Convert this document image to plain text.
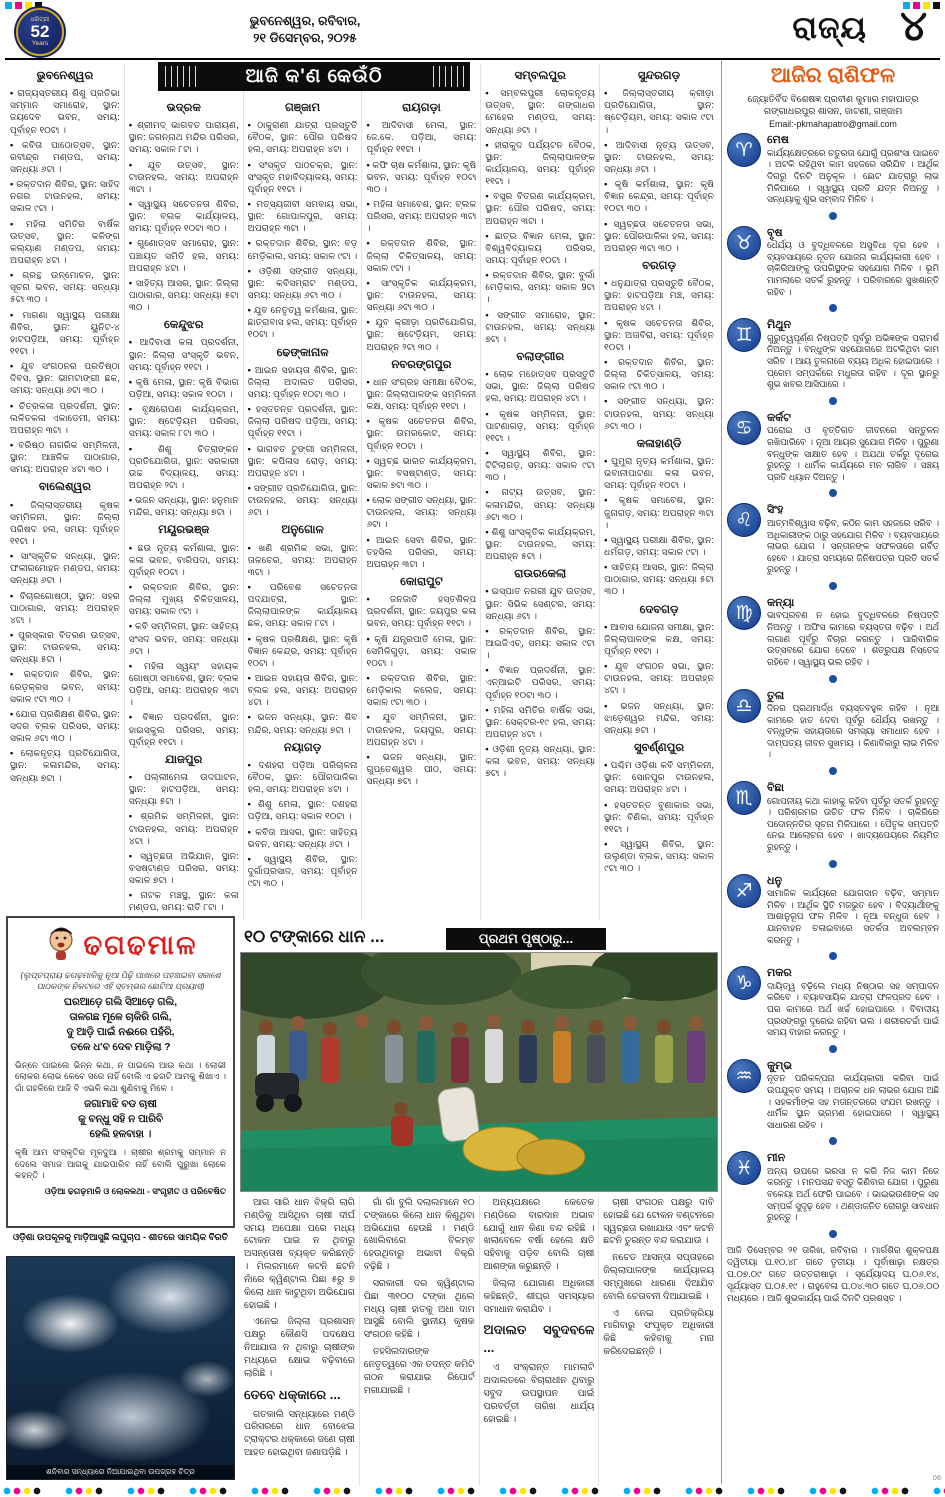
ଧରିତ୍ରୀ
52
Years
ଭୁବନେଶ୍ୱର, ରବିବାର,
୨୧ ଡିସେମ୍ବର, ୨୦୨୫	ରାଜ୍ୟ ୪
ଆଜି କ'ଣ କେଉଁଠି
ଭୁବନେଶ୍ୱର

• ରାଜ୍ୟସ୍ତରୀୟ ଶିଶୁ ପ୍ରତିଭା ସମ୍ମାନ ସମାରୋହ, ସ୍ଥାନ: ଜୟଦେବ ଭବନ, ସମୟ: ପୂର୍ବାହ୍ନ ୧୦ଟା ।

• କବିତା ପାଠୋତ୍ସବ, ସ୍ଥାନ: ରବୀନ୍ଦ୍ର ମଣ୍ଡପ, ସମୟ: ସନ୍ଧ୍ୟା ୬ଟା ।

• ରକ୍ତଦାନ ଶିବିର, ସ୍ଥାନ: ସାହିଦ ନଗର ଟାଉନହଲ, ସମୟ: ସକାଳ ୯ଟା ।

• ମହିଳା ସମିତିର ବାର୍ଷିକ ଉତ୍ସବ, ସ୍ଥାନ: କଳିଙ୍ଗ କଲ୍ୟାଣ ମଣ୍ଡପ, ସମୟ: ଅପରାହ୍ନ ୪ଟା ।

• ଗ୍ରନ୍ଥ ଉନ୍ମୋଚନ, ସ୍ଥାନ: ସୂଚନା ଭବନ, ସମୟ: ସନ୍ଧ୍ୟା ୫ଟା ୩୦ ।

• ମାଗଣା ସ୍ୱାସ୍ଥ୍ୟ ପରୀକ୍ଷା ଶିବିର, ସ୍ଥାନ: ୟୁନିଟ-୪ ହାଟପଡ଼ିଆ, ସମୟ: ପୂର୍ବାହ୍ନ ୧୧ଟା ।

• ଯୁବ ସଂଗଠନର ପ୍ରତିଷ୍ଠା ଦିବସ, ସ୍ଥାନ: ଭୀମଟାଙ୍ଗୀ ଛକ, ସମୟ: ସନ୍ଧ୍ୟା ୬ଟା ୩୦ ।

• ଚିତ୍ରକଳା ପ୍ରଦର୍ଶନୀ, ସ୍ଥାନ: ଲଳିତକଳା ଏକାଡେମୀ, ସମୟ: ଅପରାହ୍ନ ୩ଟା ।

• ବରିଷ୍ଠ ନାଗରିକ ସମ୍ମିଳନୀ, ସ୍ଥାନ: ଆଞ୍ଚଳିକ ପାଠାଗାର, ସମୟ: ଅପରାହ୍ନ ୪ଟା ୩୦ ।

ବାଲେଶ୍ୱର

• ଜିଲ୍ଲାସ୍ତରୀୟ କୃଷକ ସମ୍ମିଳନୀ, ସ୍ଥାନ: ଜିଲ୍ଲା ପରିଷଦ ହଲ, ସମୟ: ପୂର୍ବାହ୍ନ ୧୧ଟା ।

• ସାଂସ୍କୃତିକ ସନ୍ଧ୍ୟା, ସ୍ଥାନ: ଫକୀରମୋହନ ମଣ୍ଡପ, ସମୟ: ସନ୍ଧ୍ୟା ୬ଟା ।

• ବିଚାରଗୋଷ୍ଠୀ, ସ୍ଥାନ: ସହର ପାଠାଗାର, ସମୟ: ଅପରାହ୍ନ ୪ଟା ।

• ପୁରସ୍କାର ବିତରଣ ଉତ୍ସବ, ସ୍ଥାନ: ଟାଉନହଲ, ସମୟ: ସନ୍ଧ୍ୟା ୫ଟା ।

• ରକ୍ତଦାନ ଶିବିର, ସ୍ଥାନ: ରେଡ଼କ୍ରସ ଭବନ, ସମୟ: ସକାଳ ୯ଟା ୩୦ ।

• ଯୋଗ ପ୍ରଶିକ୍ଷଣ ଶିବିର, ସ୍ଥାନ: ସଦର ବ୍ଲକ ପରିସର, ସମୟ: ସକାଳ ୬ଟା ୩୦ ।

• ଲୋକନୃତ୍ୟ ପ୍ରତିଯୋଗିତା, ସ୍ଥାନ: କଳାମନ୍ଦିର, ସମୟ: ସନ୍ଧ୍ୟା ୭ଟା ।

ଭଦ୍ରକ

• ଶ୍ରୀମଦ୍ ଭାଗବତ ପାରାୟଣ, ସ୍ଥାନ: ଜଗନ୍ନାଥ ମନ୍ଦିର ପରିସର, ସମୟ: ସକାଳ ୮ଟା ।

• ଯୁବ ଉତ୍ସବ, ସ୍ଥାନ: ଟାଉନହଲ, ସମୟ: ଅପରାହ୍ନ ୩ଟା ।

• ସ୍ୱାସ୍ଥ୍ୟ ସଚେତନତା ଶିବିର, ସ୍ଥାନ: ବ୍ଲକ କାର୍ଯ୍ୟାଳୟ, ସମୟ: ପୂର୍ବାହ୍ନ ୧୦ଟା ୩୦ ।

• ଗୁଣୋତ୍ସବ ସମାରୋହ, ସ୍ଥାନ: ପଞ୍ଚାୟତ ସମିତି ହଲ, ସମୟ: ଅପରାହ୍ନ ୪ଟା ।

• ସାହିତ୍ୟ ଆସର, ସ୍ଥାନ: ଜିଲ୍ଲା ପାଠାଗାର, ସମୟ: ସନ୍ଧ୍ୟା ୫ଟା ୩୦ ।

କେନ୍ଦୁଝର

• ଆଦିବାସୀ କଳା ପ୍ରଦର୍ଶନୀ, ସ୍ଥାନ: ଜିଲ୍ଲା ସଂସ୍କୃତି ଭବନ, ସମୟ: ପୂର୍ବାହ୍ନ ୧୧ଟା ।

• କୃଷି ମେଳା, ସ୍ଥାନ: କୃଷି ବିଭାଗ ପଡ଼ିଆ, ସମୟ: ସକାଳ ୧୦ଟା ।

• ବୃକ୍ଷରୋପଣ କାର୍ଯ୍ୟକ୍ରମ, ସ୍ଥାନ: ଷ୍ଟେଡ଼ିୟମ ପରିସର, ସମୟ: ସକାଳ ୮ଟା ୩୦ ।

• ଶିଶୁ ଚିତ୍ରାଙ୍କନ ପ୍ରତିଯୋଗିତା, ସ୍ଥାନ: ସରକାରୀ ଉଚ୍ଚ ବିଦ୍ୟାଳୟ, ସମୟ: ଅପରାହ୍ନ ୨ଟା ।

• ଭଜନ ସନ୍ଧ୍ୟା, ସ୍ଥାନ: ହନୁମାନ ମନ୍ଦିର, ସମୟ: ସନ୍ଧ୍ୟା ୭ଟା ।

ମୟୂରଭଞ୍ଜ

• ଛଉ ନୃତ୍ୟ କର୍ମଶାଳା, ସ୍ଥାନ: କଳା ଭବନ, ବାରିପଦା, ସମୟ: ପୂର୍ବାହ୍ନ ୧୦ଟା ।

• ରକ୍ତଦାନ ଶିବିର, ସ୍ଥାନ: ଜିଲ୍ଲା ମୁଖ୍ୟ ଚିକିତ୍ସାଳୟ, ସମୟ: ସକାଳ ୯ଟା ।

• କବି ସମ୍ମିଳନୀ, ସ୍ଥାନ: ସାହିତ୍ୟ ସଂସଦ ଭବନ, ସମୟ: ସନ୍ଧ୍ୟା ୬ଟା ।

• ମହିଳା ସ୍ୱୟଂ ସହାୟକ ଗୋଷ୍ଠୀ ସମାବେଶ, ସ୍ଥାନ: ବ୍ଲକ ପଡ଼ିଆ, ସମୟ: ଅପରାହ୍ନ ୩ଟା ।

• ବିଜ୍ଞାନ ପ୍ରଦର୍ଶନୀ, ସ୍ଥାନ: ହାଇସ୍କୁଲ ପରିସର, ସମୟ: ପୂର୍ବାହ୍ନ ୧୧ଟା ।

ଯାଜପୁର

• ପଲ୍ଲୀମେଳା ଉଦଘାଟନ, ସ୍ଥାନ: ହାଟପଡ଼ିଆ, ସମୟ: ସନ୍ଧ୍ୟା ୫ଟା ।

• ଶ୍ରମିକ ସମ୍ମିଳନୀ, ସ୍ଥାନ: ଟାଉନହଲ, ସମୟ: ଅପରାହ୍ନ ୪ଟା ।

• ସ୍ୱଚ୍ଛତା ଅଭିଯାନ, ସ୍ଥାନ: ବସଷ୍ଟାଣ୍ଡ ପରିସର, ସମୟ: ସକାଳ ୭ଟା ।

• ନାଟକ ମଞ୍ଚସ୍ଥ, ସ୍ଥାନ: କଳା ମଣ୍ଡପ, ସମୟ: ରାତି ୮ଟା ।

ଗଞ୍ଜାମ

• ଠାକୁରାଣୀ ଯାତ୍ରା ପ୍ରସ୍ତୁତି ବୈଠକ, ସ୍ଥାନ: ପୌର ପରିଷଦ ହଲ, ସମୟ: ଅପରାହ୍ନ ୪ଟା ।

• ସଂସ୍କୃତ ପାଠଚକ୍ର, ସ୍ଥାନ: ସଂସ୍କୃତ ମହାବିଦ୍ୟାଳୟ, ସମୟ: ପୂର୍ବାହ୍ନ ୧୧ଟା ।

• ମତ୍ସ୍ୟଜୀବୀ ସମବାୟ ସଭା, ସ୍ଥାନ: ଗୋପାଳପୁର, ସମୟ: ଅପରାହ୍ନ ୩ଟା ।

• ରକ୍ତଦାନ ଶିବିର, ସ୍ଥାନ: ବଡ଼ ମେଡ଼ିକାଲ, ସମୟ: ସକାଳ ୯ଟା ।

• ଓଡ଼ିଶୀ ସଙ୍ଗୀତ ସନ୍ଧ୍ୟା, ସ୍ଥାନ: କବିସମ୍ରାଟ ମଣ୍ଡପ, ସମୟ: ସନ୍ଧ୍ୟା ୬ଟା ୩୦ ।

• ଯୁବ ନେତୃତ୍ୱ କର୍ମଶାଳା, ସ୍ଥାନ: ଛାତ୍ରାବାସ ହଲ, ସମୟ: ପୂର୍ବାହ୍ନ ୧୦ଟା ।

ଢେଙ୍କାନାଳ

• ଆଇନ ସହାୟତା ଶିବିର, ସ୍ଥାନ: ଜିଲ୍ଲା ଅଦାଲତ ପରିସର, ସମୟ: ପୂର୍ବାହ୍ନ ୧୦ଟା ୩୦ ।

• ହସ୍ତତନ୍ତ ପ୍ରଦର୍ଶନୀ, ସ୍ଥାନ: ଜିଲ୍ଲା ପରିଷଦ ପଡ଼ିଆ, ସମୟ: ପୂର୍ବାହ୍ନ ୧୧ଟା ।

• ଭାଗବତ ଟୁଙ୍ଗୀ ସମ୍ମିଳନୀ, ସ୍ଥାନ: କପିଳାସ ରୋଡ଼, ସମୟ: ଅପରାହ୍ନ ୪ଟା ।

• ସଙ୍ଗୀତ ପ୍ରତିଯୋଗିତା, ସ୍ଥାନ: ଟାଉନହଲ, ସମୟ: ସନ୍ଧ୍ୟା ୬ଟା ।

ଅନୁଗୋଳ

• ଖଣି ଶ୍ରମିକ ସଭା, ସ୍ଥାନ: ତାଳଚେର, ସମୟ: ଅପରାହ୍ନ ୩ଟା ।

• ପରିବେଶ ସଚେତନତା ପଦଯାତ୍ରା, ସ୍ଥାନ: ଜିଲ୍ଲାପାଳଙ୍କ କାର୍ଯ୍ୟାଳୟ ଛକ, ସମୟ: ସକାଳ ୮ଟା ।

• କୃଷକ ପ୍ରଶିକ୍ଷଣ, ସ୍ଥାନ: କୃଷି ବିଜ୍ଞାନ କେନ୍ଦ୍ର, ସମୟ: ପୂର୍ବାହ୍ନ ୧୦ଟା ।

• ଆଇନ ସହାୟତା ଶିବିର, ସ୍ଥାନ: ବ୍ଲକ ହଲ, ସମୟ: ଅପରାହ୍ନ ୪ଟା ।

• ଭଜନ ସନ୍ଧ୍ୟା, ସ୍ଥାନ: ଶିବ ମନ୍ଦିର, ସମୟ: ସନ୍ଧ୍ୟା ୭ଟା ।

ନୟାଗଡ଼

• ଦଶହରା ପଡ଼ିଆ ପରିଚାଳନା ବୈଠକ, ସ୍ଥାନ: ପୌରପାଳିକା ହଲ, ସମୟ: ଅପରାହ୍ନ ୪ଟା ।

• ଶିଶୁ ମେଳା, ସ୍ଥାନ: ଦଶହରା ପଡ଼ିଆ, ସମୟ: ସକାଳ ୧୦ଟା ।

• କବିତା ଆସର, ସ୍ଥାନ: ସାହିତ୍ୟ ଭବନ, ସମୟ: ସନ୍ଧ୍ୟା ୬ଟା ।

• ସ୍ୱାସ୍ଥ୍ୟ ଶିବିର, ସ୍ଥାନ: ଦୁର୍ଗାପ୍ରସାଦ, ସମୟ: ପୂର୍ବାହ୍ନ ୯ଟା ୩୦ ।

ରାୟଗଡ଼ା

• ଆଦିବାସୀ ମେଳା, ସ୍ଥାନ: ଜେ.କେ. ପଡ଼ିଆ, ସମୟ: ପୂର୍ବାହ୍ନ ୧୧ଟା ।

• କଫି ଚାଷ କର୍ମଶାଳା, ସ୍ଥାନ: କୃଷି ଭବନ, ସମୟ: ପୂର୍ବାହ୍ନ ୧୦ଟା ୩୦ ।

• ମହିଳା ସମାବେଶ, ସ୍ଥାନ: ବ୍ଲକ ପରିସର, ସମୟ: ଅପରାହ୍ନ ୩ଟା ।

• ରକ୍ତଦାନ ଶିବିର, ସ୍ଥାନ: ଜିଲ୍ଲା ଚିକିତ୍ସାଳୟ, ସମୟ: ସକାଳ ୯ଟା ।

• ସାଂସ୍କୃତିକ କାର୍ଯ୍ୟକ୍ରମ, ସ୍ଥାନ: ଟାଉନହଲ, ସମୟ: ସନ୍ଧ୍ୟା ୬ଟା ୩୦ ।

• ଯୁବ କ୍ରୀଡ଼ା ପ୍ରତିଯୋଗିତା, ସ୍ଥାନ: ଷ୍ଟେଡ଼ିୟମ, ସମୟ: ଅପରାହ୍ନ ୨ଟା ୩୦ ।

ନବରଙ୍ଗପୁର

• ଧାନ ସଂଗ୍ରହ ସମୀକ୍ଷା ବୈଠକ, ସ୍ଥାନ: ଜିଲ୍ଲାପାଳଙ୍କ ସମ୍ମିଳନୀ କକ୍ଷ, ସମୟ: ପୂର୍ବାହ୍ନ ୧୧ଟା ।

• କୃଷକ ସଚେତନତା ଶିବିର, ସ୍ଥାନ: ଉମରକୋଟ, ସମୟ: ପୂର୍ବାହ୍ନ ୧୦ଟା ।

• ସ୍ୱଚ୍ଛ ଭାରତ କାର୍ଯ୍ୟକ୍ରମ, ସ୍ଥାନ: ବସଷ୍ଟାଣ୍ଡ, ସମୟ: ସକାଳ ୭ଟା ୩୦ ।

• ଲୋକ ସଙ୍ଗୀତ ସନ୍ଧ୍ୟା, ସ୍ଥାନ: ଟାଉନହଲ, ସମୟ: ସନ୍ଧ୍ୟା ୬ଟା ।

• ଆଇନ ସେବା ଶିବିର, ସ୍ଥାନ: ତହସିଲ ପରିସର, ସମୟ: ଅପରାହ୍ନ ୩ଟା ।

କୋରାପୁଟ

• ଜନଜାତି ହସ୍ତଶିଳ୍ପ ପ୍ରଦର୍ଶନୀ, ସ୍ଥାନ: ଜୟପୁର କଳା ଭବନ, ସମୟ: ପୂର୍ବାହ୍ନ ୧୧ଟା ।

• କୃଷି ଯନ୍ତ୍ରପାତି ମେଳା, ସ୍ଥାନ: ସେମିଳିଗୁଡ଼ା, ସମୟ: ସକାଳ ୧୦ଟା ।

• ରକ୍ତଦାନ ଶିବିର, ସ୍ଥାନ: ମେଡ଼ିକାଲ କଲେଜ, ସମୟ: ସକାଳ ୯ଟା ୩୦ ।

• ଯୁବ ସମ୍ମିଳନୀ, ସ୍ଥାନ: ଟାଉନହଲ, ଜୟପୁର, ସମୟ: ଅପରାହ୍ନ ୪ଟା ।

• ଭଜନ ସନ୍ଧ୍ୟା, ସ୍ଥାନ: ଗୁପ୍ତେଶ୍ୱର ପୀଠ, ସମୟ: ସନ୍ଧ୍ୟା ୭ଟା ।

ସମ୍ବଲପୁର

• ସମ୍ବଲପୁରୀ ଲୋକନୃତ୍ୟ ଉତ୍ସବ, ସ୍ଥାନ: ଗଙ୍ଗାଧର ମେହେର ମଣ୍ଡପ, ସମୟ: ସନ୍ଧ୍ୟା ୬ଟା ।

• ହୀରାକୁଦ ପର୍ଯ୍ୟଟନ ବୈଠକ, ସ୍ଥାନ: ଜିଲ୍ଲାପାଳଙ୍କ କାର୍ଯ୍ୟାଳୟ, ସମୟ: ପୂର୍ବାହ୍ନ ୧୧ଟା ।

• ବସ୍ତ୍ର ବିତରଣ କାର୍ଯ୍ୟକ୍ରମ, ସ୍ଥାନ: ପୌର ପରିଷଦ, ସମୟ: ଅପରାହ୍ନ ୩ଟା ।

• ଛାତ୍ର ବିଜ୍ଞାନ ମେଳା, ସ୍ଥାନ: ବିଶ୍ୱବିଦ୍ୟାଳୟ ପରିସର, ସମୟ: ପୂର୍ବାହ୍ନ ୧୦ଟା ।

• ରକ୍ତଦାନ ଶିବିର, ସ୍ଥାନ: ବୁର୍ଲା ମେଡ଼ିକାଲ, ସମୟ: ସକାଳ 9ଟା ।

• ସଙ୍ଗୀତ ସମାରୋହ, ସ୍ଥାନ: ଟାଉନହଲ, ସମୟ: ସନ୍ଧ୍ୟା ୭ଟା ।

ବଲାଙ୍ଗୀର

• ଲୋକ ମହୋତ୍ସବ ପ୍ରସ୍ତୁତି ସଭା, ସ୍ଥାନ: ଜିଲ୍ଲା ପରିଷଦ ହଲ, ସମୟ: ଅପରାହ୍ନ ୪ଟା ।

• କୃଷକ ସମ୍ମିଳନୀ, ସ୍ଥାନ: ପାଟଣାଗଡ଼, ସମୟ: ପୂର୍ବାହ୍ନ ୧୧ଟା ।

• ସ୍ୱାସ୍ଥ୍ୟ ଶିବିର, ସ୍ଥାନ: ଟିଟିଲାଗଡ଼, ସମୟ: ସକାଳ ୯ଟା ୩୦ ।

• ନାଟ୍ୟ ଉତ୍ସବ, ସ୍ଥାନ: କଳାମନ୍ଦିର, ସମୟ: ସନ୍ଧ୍ୟା ୬ଟା ୩୦ ।

• ଶିଶୁ ସାଂସ୍କୃତିକ କାର୍ଯ୍ୟକ୍ରମ, ସ୍ଥାନ: ଟାଉନହଲ, ସମୟ: ଅପରାହ୍ନ ୫ଟା ।

ରାଉରକେଲା

• ଇସ୍ପାତ ନଗରୀ ଯୁବ ଉତ୍ସବ, ସ୍ଥାନ: ସିଭିକ ସେଣ୍ଟର, ସମୟ: ସନ୍ଧ୍ୟା ୬ଟା ।

• ରକ୍ତଦାନ ଶିବିର, ସ୍ଥାନ: ଆଇଜିଏଚ୍, ସମୟ: ସକାଳ ୯ଟା ।

• ବିଜ୍ଞାନ ପ୍ରଦର୍ଶନୀ, ସ୍ଥାନ: ଏନ୍ଆଇଟି ପରିସର, ସମୟ: ପୂର୍ବାହ୍ନ ୧୦ଟା ୩୦ ।

• ମହିଳା ସମିତିର ବାର୍ଷିକ ସଭା, ସ୍ଥାନ: ସେକ୍ଟର-୧୯ ହଲ, ସମୟ: ଅପରାହ୍ନ ୪ଟା ।

• ଓଡ଼ିଶୀ ନୃତ୍ୟ ସନ୍ଧ୍ୟା, ସ୍ଥାନ: କଳା ଭବନ, ସମୟ: ସନ୍ଧ୍ୟା ୭ଟା ।

ସୁନ୍ଦରଗଡ଼

• ଜିଲ୍ଲାସ୍ତରୀୟ କ୍ରୀଡ଼ା ପ୍ରତିଯୋଗିତା, ସ୍ଥାନ: ଷ୍ଟେଡ଼ିୟମ, ସମୟ: ସକାଳ ୯ଟା ।

• ଆଦିବାସୀ ନୃତ୍ୟ ଉତ୍ସବ, ସ୍ଥାନ: ଟାଉନହଲ, ସମୟ: ସନ୍ଧ୍ୟା ୬ଟା ।

• କୃଷି କର୍ମଶାଳା, ସ୍ଥାନ: କୃଷି ବିଜ୍ଞାନ କେନ୍ଦ୍ର, ସମୟ: ପୂର୍ବାହ୍ନ ୧୦ଟା ୩୦ ।

• ସ୍ୱଚ୍ଛତା ସଚେତନତା ସଭା, ସ୍ଥାନ: ପୌରପାଳିକା ହଲ, ସମୟ: ଅପରାହ୍ନ ୩ଟା ୩୦ ।

ବରଗଡ଼

• ଧନୁଯାତ୍ରା ପ୍ରସ୍ତୁତି ବୈଠକ, ସ୍ଥାନ: ହାଟପଡ଼ିଆ ମଞ୍ଚ, ସମୟ: ଅପରାହ୍ନ ୪ଟା ।

• କୃଷକ ସଚେତନତା ଶିବିର, ସ୍ଥାନ: ଅତାବିରା, ସମୟ: ପୂର୍ବାହ୍ନ ୧୦ଟା ।

• ରକ୍ତଦାନ ଶିବିର, ସ୍ଥାନ: ଜିଲ୍ଲା ଚିକିତ୍ସାଳୟ, ସମୟ: ସକାଳ ୯ଟା ୩୦ ।

• ସଙ୍ଗୀତ ସନ୍ଧ୍ୟା, ସ୍ଥାନ: ଟାଉନହଲ, ସମୟ: ସନ୍ଧ୍ୟା ୬ଟା ୩୦ ।

କଳାହାଣ୍ଡି

• ଘୁମୁରା ନୃତ୍ୟ କର୍ମଶାଳା, ସ୍ଥାନ: ଭବାନୀପାଟଣା କଳା ଭବନ, ସମୟ: ପୂର୍ବାହ୍ନ ୧୦ଟା ।

• କୃଷକ ସମାବେଶ, ସ୍ଥାନ: ଜୁନାଗଡ଼, ସମୟ: ଅପରାହ୍ନ ୩ଟା ।

• ସ୍ୱାସ୍ଥ୍ୟ ପରୀକ୍ଷା ଶିବିର, ସ୍ଥାନ: ଧର୍ମଗଡ଼, ସମୟ: ସକାଳ ୯ଟା ।

• ସାହିତ୍ୟ ଆସର, ସ୍ଥାନ: ଜିଲ୍ଲା ପାଠାଗାର, ସମୟ: ସନ୍ଧ୍ୟା ୫ଟା ୩୦ ।

ଦେବଗଡ଼

• ଆବାସ ଯୋଜନା ସମୀକ୍ଷା, ସ୍ଥାନ: ଜିଲ୍ଲାପାଳଙ୍କ କକ୍ଷ, ସମୟ: ପୂର୍ବାହ୍ନ ୧୧ଟା ।

• ଯୁବ ସଂଗଠନ ସଭା, ସ୍ଥାନ: ଟାଉନହଲ, ସମୟ: ଅପରାହ୍ନ ୪ଟା ।

• ଭଜନ ସନ୍ଧ୍ୟା, ସ୍ଥାନ: ଝାଡ଼େଶ୍ୱର ମନ୍ଦିର, ସମୟ: ସନ୍ଧ୍ୟା ୭ଟା ।

ସୁବର୍ଣ୍ଣପୁର

• ପଶ୍ଚିମ ଓଡ଼ିଶା କବି ସମ୍ମିଳନୀ, ସ୍ଥାନ: ସୋନପୁର ଟାଉନହଲ, ସମୟ: ଅପରାହ୍ନ ୪ଟା ।

• ହସ୍ତତନ୍ତ ବୁଣାକାର ସଭା, ସ୍ଥାନ: ବିଣିକା, ସମୟ: ପୂର୍ବାହ୍ନ ୧୧ଟା ।

• ସ୍ୱାସ୍ଥ୍ୟ ଶିବିର, ସ୍ଥାନ: ଉଲୁଣ୍ଡା ବ୍ଲକ, ସମୟ: ସକାଳ ୯ଟା ୩୦ ।

ଢଗଢମାଳ

(ଲୁପ୍ତପ୍ରାୟ ଢଗଢ଼ମାଳିକୁ ନୂଆ ପିଢ଼ି ପାଖରେ ପହଞ୍ଚାଇବା ସକାଶେ ପାଠକଙ୍କ ନିକଟରେ ଏହି ସ୍ତମ୍ଭର ଛୋଟିଆ ପ୍ରୟାସ)

ଘରଆଡ଼େ ଗଲି ସିଆଡ଼େ ଗଲି,

ତାଳଗଛ ମୂଳେ ଚାକିରି ଗଲି,

ଦୁ ଆଡ଼ି ପାଇଁ ନଈରେ ପହଁରି,

ତଳେ ଧ'ବ ଦେବ ମାଡ଼ିଲା ?

ଭିନ୍ନେ ପାଇଲେ ଭିନ୍ନ କଥା, ନ ପାଇଲେ ଆଉ କଥା । ଲୋଭୀ ଲୋକର ଲୋଭ କେବେ ସରେ ନାହିଁ ବୋଲି ଏ ଢଗଟି ଆମକୁ ଶିଖାଏ । ଗାଁ ଗହଳିରେ ଆଜି ବି ଏଭଳି କଥା ଶୁଣିବାକୁ ମିଳେ ।

ଜଗାମାଝି ବଡ ଚାଷୀ

କୁ ବନ୍ଧୁ ସହି ନ ପାରିବି

ହେଲି ହଳବାହା ।

କୃଷି ଆମ ସଂସ୍କୃତିର ମୂଳଦୁଆ । ଚାଷୀର ଶ୍ରମକୁ ସମ୍ମାନ ନ ଦେଲେ ସମାଜ ଆଗକୁ ଯାଇପାରିବ ନାହିଁ ବୋଲି ପୁରୁଖା ଲୋକେ କହନ୍ତି ।

ଓଡ଼ିଆ ଢଗଢ଼ମାଳି ଓ ଲୋକକଥା - ସଂଗୃହୀତ ଓ ପରିବେଷିତ

ଓଡ଼ିଶା ଉପକୂଳକୁ ମାଡ଼ିଆସୁଛି ଲଘୁଚାପ - ଶୀତରେ ସାମୟିକ ବିରତି
ଶନିବାର ସନ୍ଧ୍ୟାରେ ନିଆଯାଇଥିବା ଉପଗ୍ରହ ଚିତ୍ର
୧୦ ଟଙ୍କାରେ ଧାନ ...	ପ୍ରଥମ ପୃଷ୍ଠାରୁ...

ଆଗ ସାରି ଧାନ ବିକ୍ରି ଲାଗି ମଣ୍ଡିକୁ ଆସିଥିବା ଚାଷୀ ଦୀର୍ଘ ସମୟ ଅପେକ୍ଷା ପରେ ମଧ୍ୟ ଟୋକନ ପାଇ ନ ଥିବାରୁ ଅସନ୍ତୋଷ ବ୍ୟକ୍ତ କରିଛନ୍ତି । ମିଲରମାନେ କଟନି ଛଟନି ନାଁରେ କ୍ୱିଣ୍ଟାଲ ପିଛା ୫ରୁ ୭ କିଲୋ ଧାନ କାଟୁଥିବା ଅଭିଯୋଗ ହୋଇଛି ।

ଏନେଇ ଜିଲ୍ଲା ପ୍ରଶାସନ ପକ୍ଷରୁ କୌଣସି ପଦକ୍ଷେପ ନିଆଯାଉ ନ ଥିବାରୁ ଚାଷୀଙ୍କ ମଧ୍ୟରେ କ୍ଷୋଭ ବଢ଼ିବାରେ ଲାଗିଛି ।

ତେବେ ଧକ୍କାରେ ...

ଗତକାଲି ସନ୍ଧ୍ୟାରେ ମଣ୍ଡି ପରିସରରେ ଧାନ ବୋଝେଇ ଟ୍ରାକ୍ଟର ଧକ୍କାରେ ଜଣେ ଚାଷୀ ଆହତ ହୋଇଥିବା ଜଣାପଡ଼ିଛି ।

ଗାଁ ଗାଁ ବୁଲି ଦଲାଲମାନେ ୧୦ ଟଙ୍କାରେ କିଲୋ ଧାନ କିଣୁଥିବା ଅଭିଯୋଗ ହେଉଛି । ମଣ୍ଡି ଖୋଲିବାରେ ବିଳମ୍ବ ହେଉଥିବାରୁ ଅଭାବୀ ବିକ୍ରି ବଢ଼ିଛି ।

ସରକାରୀ ଦର କ୍ୱିଣ୍ଟାଲ ପିଛା ୩୧୦୦ ଟଙ୍କା ଥିଲେ ମଧ୍ୟ ଚାଷୀ ହାତକୁ ଅଧା ଦାମ ଆସୁଛି ବୋଲି ସ୍ଥାନୀୟ କୃଷକ ସଂଗଠନ କହିଛି ।

ତହସିଲଦାରଙ୍କ ନେତୃତ୍ୱରେ ଏକ ତଦନ୍ତ କମିଟି ଗଠନ କରାଯାଇ ରିପୋର୍ଟ ମଗାଯାଇଛି ।

ଅନ୍ୟପକ୍ଷରେ କେତେକ ମଣ୍ଡିରେ ବାରଦାନ ଅଭାବ ଯୋଗୁଁ ଧାନ କିଣା ବନ୍ଦ ରହିଛି । ଖଲାବେଳେ ବର୍ଷା ହେଲେ କ୍ଷତି ସହିବାକୁ ପଡ଼ିବ ବୋଲି ଚାଷୀ ଆଶଙ୍କା କରୁଛନ୍ତି ।

ଜିଲ୍ଲା ଯୋଗାଣ ଅଧିକାରୀ କହିଛନ୍ତି, ଶୀଘ୍ର ସମସ୍ୟାର ସମାଧାନ କରାଯିବ ।

ଅଦାଲତ ସବୁଦବଳେ ...

ଏ ସଂକ୍ରାନ୍ତ ମାମଲାଟି ଅଦାଲତରେ ବିଚାରାଧୀନ ଥିବାରୁ ସବୁଦ ଉପସ୍ଥାପନ ପାଇଁ ପରବର୍ତ୍ତୀ ତାରିଖ ଧାର୍ଯ୍ୟ ହୋଇଛି ।

ଚାଷୀ ସଂଗଠନ ପକ୍ଷରୁ ଦାବି ହୋଇଛି ଯେ ଟୋକନ ବଣ୍ଟନରେ ସ୍ୱଚ୍ଛତା ରଖାଯାଉ ଏବଂ କଟନି ଛଟନି ତୁରନ୍ତ ବନ୍ଦ କରାଯାଉ ।

ନଚେତ ଆସନ୍ତା ସପ୍ତାହରେ ଜିଲ୍ଲାପାଳଙ୍କ କାର୍ଯ୍ୟାଳୟ ସମ୍ମୁଖରେ ଧାରଣା ଦିଆଯିବ ବୋଲି ଚେତାବନୀ ଦିଆଯାଇଛି ।

ଏ ନେଇ ପ୍ରତିକ୍ରିୟା ମାଗିବାରୁ ସଂପୃକ୍ତ ଅଧିକାରୀ କିଛି କହିବାକୁ ମନା କରିଦେଇଛନ୍ତି ।

ଆଜିର ରାଶିଫଳ
ଜ୍ୟୋତିର୍ବିଦ ବିଶେଷଜ୍ଞ ପ୍ରବୀଣ କୁମାର ମହାପାତ୍ର
ଗଙ୍ଗାଧରପୁର ଶାସନ, ଜାଟଣୀ, ଗଞ୍ଜାମ
Email:-pkmahapatro@gmail.com
♈	ମେଷ
କାର୍ଯ୍ୟକ୍ଷେତ୍ରରେ ଚତୁରତା ଯୋଗୁଁ ପ୍ରଶଂସା ପାଇବେ । ଅଟକି ରହିଥିବା କାମ ସହଜରେ ସରିଯିବ । ଆର୍ଥିକ ଦିଗରୁ ଦିନଟି ଅନୁକୂଳ । ଛୋଟ ଯାତ୍ରାରୁ ଲାଭ ମିଳିପାରେ । ସ୍ୱାସ୍ଥ୍ୟ ପ୍ରତି ଯତ୍ନ ନିଅନ୍ତୁ । ସନ୍ଧ୍ୟାକୁ ଶୁଭ ସମ୍ବାଦ ମିଳିବ ।
♉	ବୃଷ
ଧୈର୍ଯ୍ୟ ଓ ବୁଦ୍ଧିବଳରେ ଅସୁବିଧା ଦୂର ହେବ । ବ୍ୟବସାୟରେ ନୂତନ ଯୋଜନା କାର୍ଯ୍ୟକାରୀ ହେବ । ଚାକିରିଆଙ୍କୁ ଉପରିସ୍ଥଙ୍କ ସହଯୋଗ ମିଳିବ । ଭୂମି ମାମଲାରେ ସତର୍କ ରୁହନ୍ତୁ । ପରିବାରରେ ସୁଖଶାନ୍ତି ରହିବ ।
♊	ମିଥୁନ
ଗୁରୁତ୍ୱପୂର୍ଣ୍ଣ ନିଷ୍ପତ୍ତି ପୂର୍ବରୁ ଅଭିଜ୍ଞଙ୍କ ପରାମର୍ଶ ନିଅନ୍ତୁ । ବନ୍ଧୁଙ୍କ ସହଯୋଗରେ ଅଟକିଥିବା କାମ ସରିବ । ଆୟ ତୁଳନାରେ ବ୍ୟୟ ଅଧିକ ହୋଇପାରେ । ପ୍ରେମ ସମ୍ପର୍କରେ ମଧୁରତା ରହିବ । ଦୂର ସ୍ଥାନରୁ ଶୁଭ ଖବର ଆସିପାରେ ।
♋	କର୍କଟ
ଘରୋଇ ଓ ବୃତ୍ତିଗତ ଜୀବନରେ ସନ୍ତୁଳନ ରଖିପାରିବେ । ନୂଆ ଆୟର ସୁଯୋଗ ମିଳିବ । ପୁରୁଣା ବନ୍ଧୁଙ୍କ ସାକ୍ଷାତ ହେବ । ଅଯଥା ତର୍କରୁ ଦୂରେଇ ରୁହନ୍ତୁ । ଧାର୍ମିକ କାର୍ଯ୍ୟରେ ମନ ଲାଗିବ । ସଞ୍ଚୟ ପ୍ରତି ଧ୍ୟାନ ଦିଅନ୍ତୁ ।
♌	ସିଂହ
ଆତ୍ମବିଶ୍ୱାସ ବଢ଼ିବ, କଠିନ କାମ ସହଜରେ ସରିବ । ଅଧିକାରୀଙ୍କ ଠାରୁ ସହଯୋଗ ମିଳିବ । ବ୍ୟବସାୟରେ ଲାଭର ଯୋଗ । ସନ୍ତାନଙ୍କ ସଫଳତାରେ ଗର୍ବିତ ହେବେ । ଯାତ୍ରା ସମୟରେ ଜିନିଷପତ୍ର ପ୍ରତି ସତର୍କ ରୁହନ୍ତୁ ।
♍	କନ୍ୟା
ଭାବପ୍ରବଣ ନ ହୋଇ ବୁଦ୍ଧିବଳରେ ନିଷ୍ପତ୍ତି ନିଅନ୍ତୁ । ଅଫିସ କାମରେ ବ୍ୟସ୍ତତା ବଢ଼ିବ । ଅର୍ଥ ଲଗାଣ ପୂର୍ବରୁ ବିଚାର କରନ୍ତୁ । ପାରିବାରିକ ଉତ୍ସବରେ ଯୋଗ ଦେବେ । ଶତ୍ରୁପକ୍ଷ ନିସ୍ତେଜ ରହିବେ । ସ୍ୱାସ୍ଥ୍ୟ ଭଲ ରହିବ ।
♎	ତୁଳା
ଦିନର ପ୍ରଥମାର୍ଦ୍ଧ ବ୍ୟସ୍ତବହୁଳ ରହିବ । ନୂଆ କାମରେ ହାତ ଦେବା ପୂର୍ବରୁ ଧୈର୍ଯ୍ୟ ରଖନ୍ତୁ । ବନ୍ଧୁଙ୍କ ସହାୟତାରେ ସମସ୍ୟା ସମାଧାନ ହେବ । ଦାମ୍ପତ୍ୟ ଜୀବନ ସୁଖମୟ । କିଣାବିକାରୁ ଲାଭ ମିଳିବ ।
♏	ବିଛା
ଗୋପନୀୟ କଥା କାହାକୁ କହିବା ପୂର୍ବରୁ ସତର୍କ ରୁହନ୍ତୁ । ପରିଶ୍ରମର ଉଚିତ ଫଳ ମିଳିବ । ଚାକିରିରେ ପଦୋନ୍ନତିର ସୂଚନା ମିଳିପାରେ । ପୈତୃକ ସମ୍ପତ୍ତି ନେଇ ଆଲୋଚନା ହେବ । ଖାଦ୍ୟପେୟରେ ନିୟମିତ ରୁହନ୍ତୁ ।
♐	ଧନୁ
ସାମାଜିକ କାର୍ଯ୍ୟରେ ଯୋଗଦାନ ବଢ଼ିବ, ସମ୍ମାନ ମିଳିବ । ଆର୍ଥିକ ସ୍ଥିତି ମଜଭୁତ ହେବ । ବିଦ୍ୟାର୍ଥୀଙ୍କୁ ଆଶାନୁରୂପ ଫଳ ମିଳିବ । ନୂଆ ବନ୍ଧୁତା ହେବ । ଯାନବାହନ ଚଳାଇବାରେ ସତର୍କତା ଅବଲମ୍ବନ କରନ୍ତୁ ।
♑	ମକର
ଦାୟିତ୍ୱ ବଢ଼ିଲେ ମଧ୍ୟ ନିଷ୍ଠାର ସହ ସମ୍ପାଦନ କରିବେ । ବ୍ୟାବସାୟିକ ଯାତ୍ରା ଫଳପ୍ରଦ ହେବ । ଘର କାମରେ ଅର୍ଥ ଖର୍ଚ୍ଚ ହୋଇପାରେ । ବିବାଦୀୟ ପ୍ରସଙ୍ଗରୁ ଦୂରେଇ ରହିବା ଭଲ । ଶରୀରଚର୍ଚ୍ଚା ପାଇଁ ସମୟ ବାହାର କରନ୍ତୁ ।
♒	କୁମ୍ଭ
ନୂତନ ପରିକଳ୍ପନା କାର୍ଯ୍ୟକାରୀ କରିବା ପାଇଁ ଉପଯୁକ୍ତ ସମୟ । ଅଚାନକ ଧନ ଲାଭର ଯୋଗ ଅଛି । ସହକର୍ମୀଙ୍କ ସହ ମତାନ୍ତରରେ ସଂଯମ ରଖନ୍ତୁ । ଧାର୍ମିକ ସ୍ଥାନ ଭ୍ରମଣ ହୋଇପାରେ । ସ୍ୱାସ୍ଥ୍ୟ ସାଧାରଣ ରହିବ ।
♓	ମୀନ
ଅନ୍ୟ ଉପରେ ଭରସା ନ କରି ନିଜ କାମ ନିଜେ କରନ୍ତୁ । ମନପସନ୍ଦ ବସ୍ତୁ କିଣିବାର ଯୋଗ । ପୁରୁଣା ବକେୟା ଅର୍ଥ ଫେରି ପାଇବେ । ଭାଇଭଉଣୀଙ୍କ ସହ ସମ୍ପର୍କ ସୁଦୃଢ଼ ହେବ । ଥଣ୍ଡାଜନିତ ରୋଗରୁ ସାବଧାନ ରୁହନ୍ତୁ ।
ଆଜି ଡିସେମ୍ବର ୨୧ ତାରିଖ, ରବିବାର । ମାର୍ଗଶିର ଶୁକ୍ଳପକ୍ଷ ଦ୍ୱିତୀୟା ଘ.୧୦.୪୮ ଗତେ ତୃତୀୟା । ପୂର୍ବାଷାଢ଼ା ନକ୍ଷତ୍ର ଘ.୦୭.୦୯ ଗତେ ଉତ୍ତରାଷାଢ଼ା । ସୂର୍ଯ୍ୟୋଦୟ ଘ.୦୬.୧୪, ସୂର୍ଯ୍ୟାସ୍ତ ଘ.୦୫.୧୯ । ରାହୁବେଳା ଘ.୦୪.୩୦ ଗତେ ଘ.୦୬.୦୦ ମଧ୍ୟରେ । ଆଜି ଶୁଭକାର୍ଯ୍ୟ ପାଇଁ ଦିନଟି ପ୍ରଶସ୍ତ ।
06
